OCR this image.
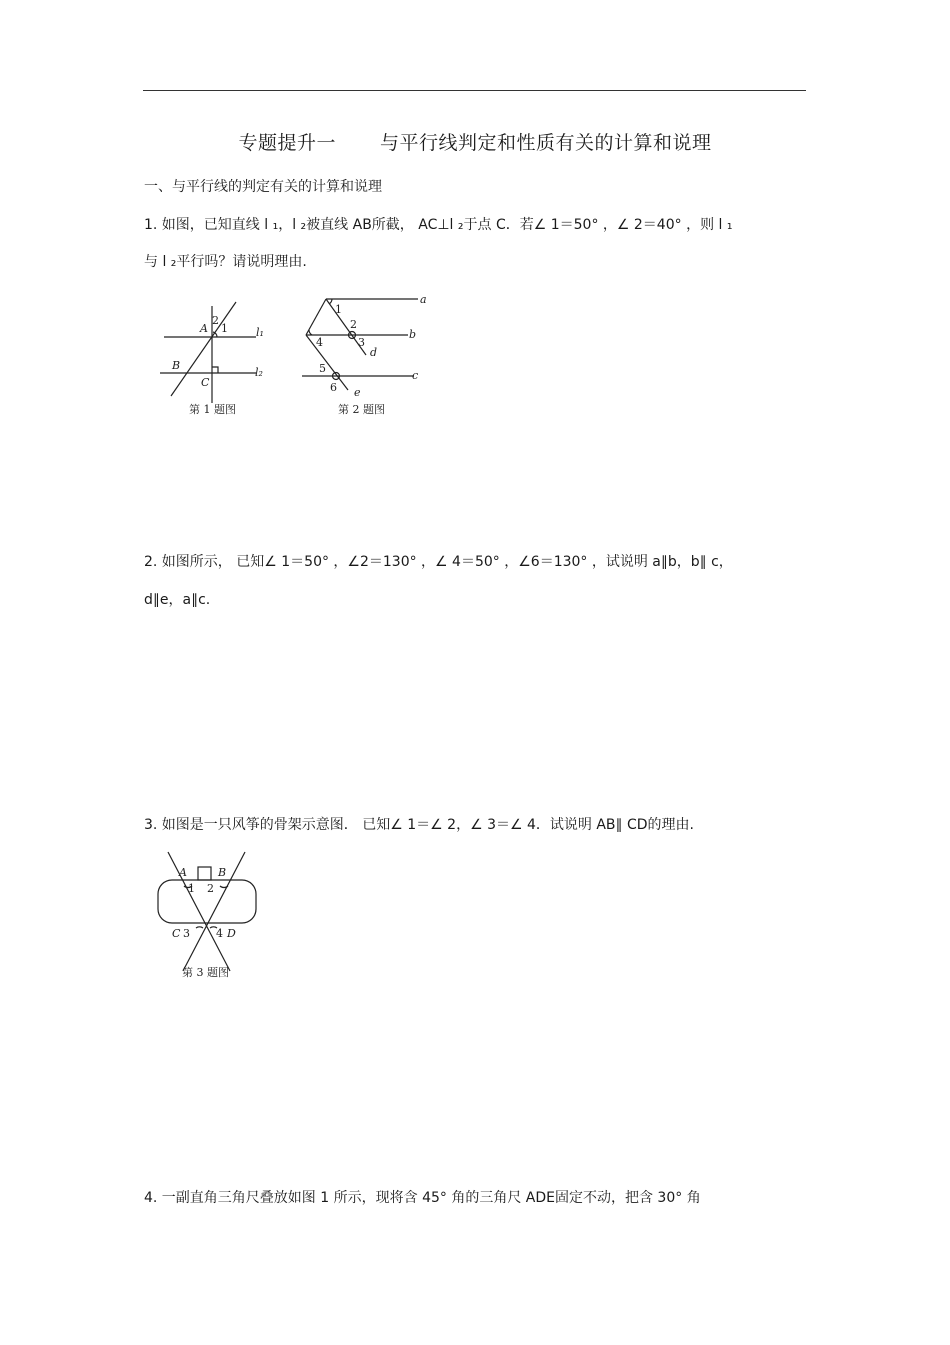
专题提升一 与平行线判定和性质有关的计算和说理
一、与平行线的判定有关的计算和说理
1. 如图，已知直线 l ₁，l ₂被直线 AB所截， AC⊥l ₂于点 C．若∠ 1＝50° ，∠ 2＝40° ，则 l ₁
与 l ₂平行吗？请说明理由.
A
2
1	l₁
B
C
l₂
第 1 题图
a
b
c
d
e
1
2
3
4
5
6
第 2 题图
2. 如图所示， 已知∠ 1＝50° ，∠2＝130° ，∠ 4＝50° ，∠6＝130° ，试说明 a∥b，b∥ c，
d∥e，a∥c.
3. 如图是一只风筝的骨架示意图． 已知∠ 1＝∠ 2，∠ 3＝∠ 4．试说明 AB∥ CD的理由.
A	B
1 2
C 3 4 D
第 3 题图
4. 一副直角三角尺叠放如图 1 所示，现将含 45° 角的三角尺 ADE固定不动，把含 30° 角
